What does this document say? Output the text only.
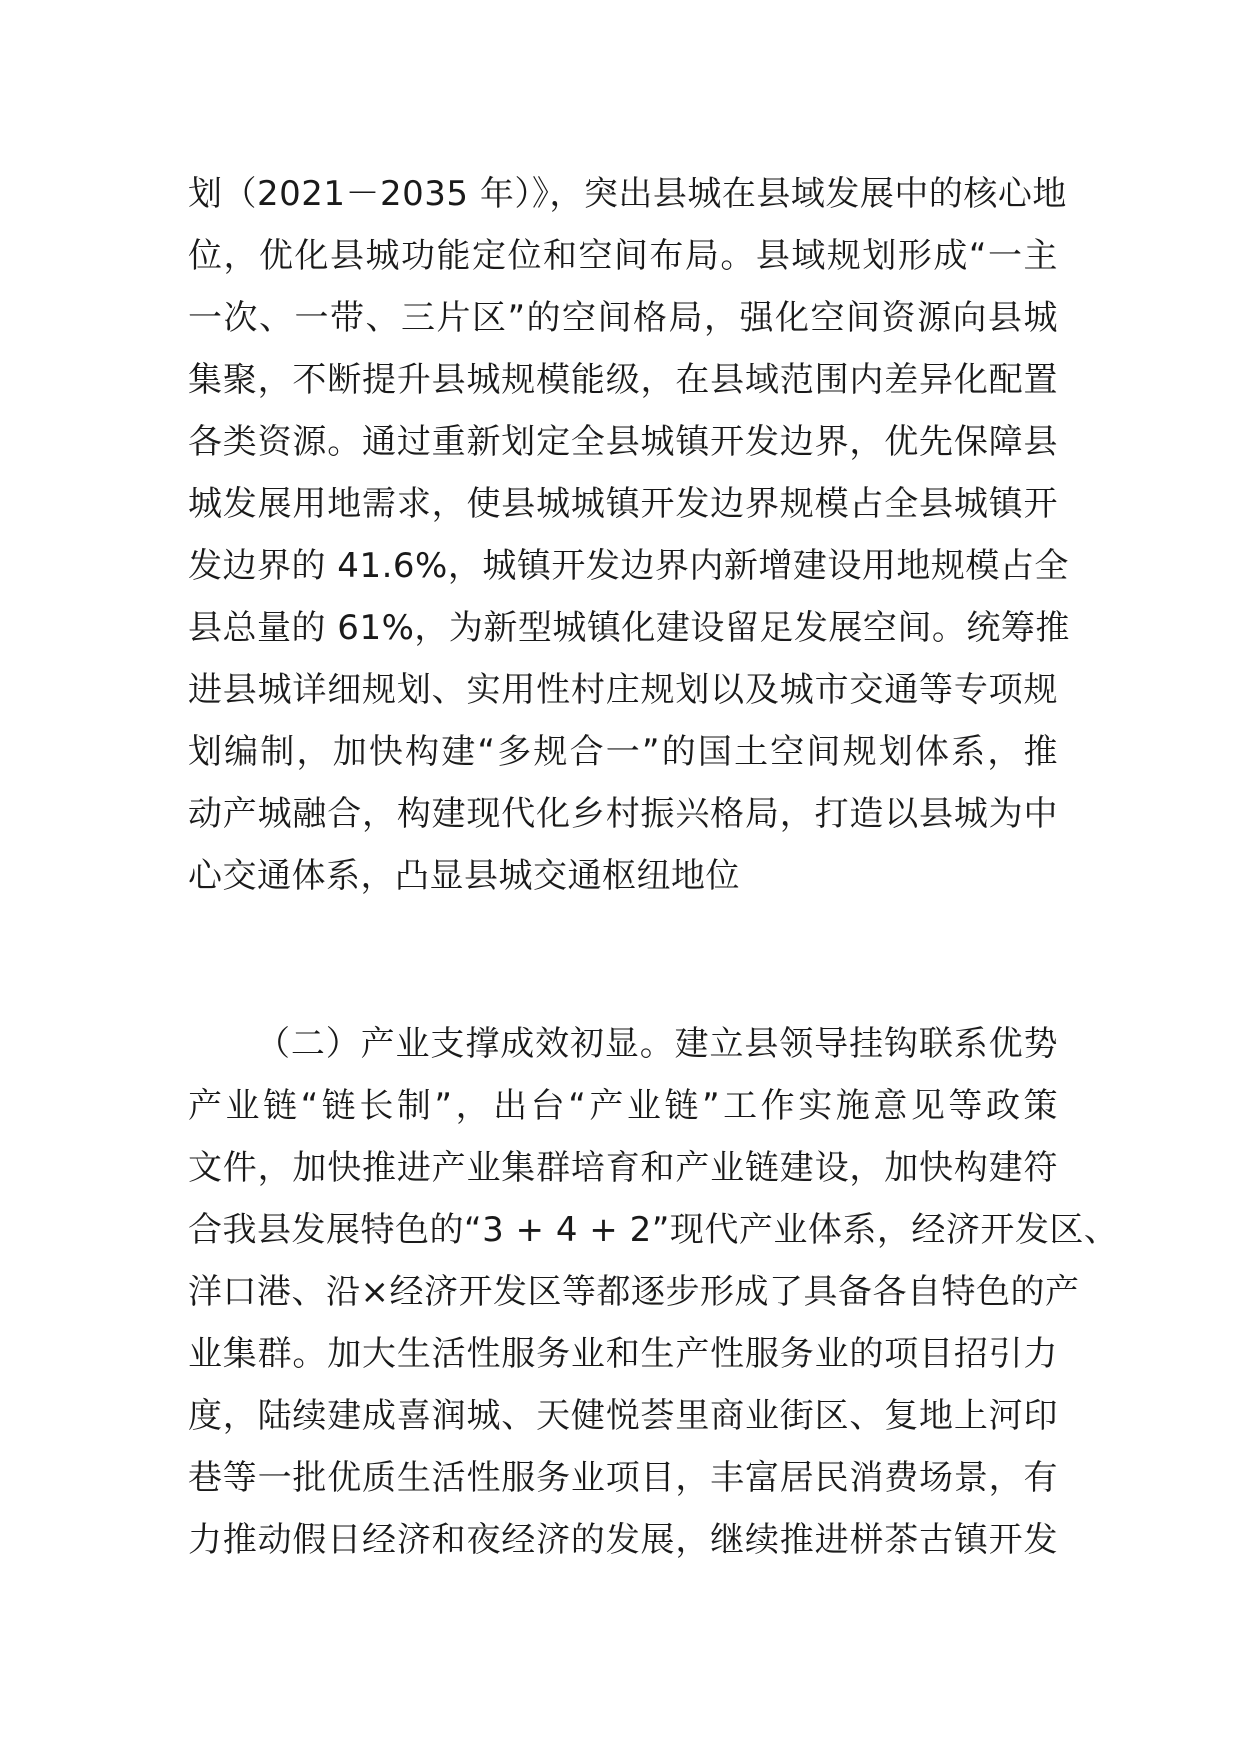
划（2021－2035 年）》，突出县城在县域发展中的核心地
位，优化县城功能定位和空间布局。县域规划形成“一主
一次、一带、三片区”的空间格局，强化空间资源向县城
集聚，不断提升县城规模能级，在县域范围内差异化配置
各类资源。通过重新划定全县城镇开发边界，优先保障县
城发展用地需求，使县城城镇开发边界规模占全县城镇开
发边界的 41.6%，城镇开发边界内新增建设用地规模占全
县总量的 61%，为新型城镇化建设留足发展空间。统筹推
进县城详细规划、实用性村庄规划以及城市交通等专项规
划编制，加快构建“多规合一”的国土空间规划体系，推
动产城融合，构建现代化乡村振兴格局，打造以县城为中
心交通体系，凸显县城交通枢纽地位
（二）产业支撑成效初显。建立县领导挂钩联系优势
产业链“链长制”，出台“产业链”工作实施意见等政策
文件，加快推进产业集群培育和产业链建设，加快构建符
合我县发展特色的“3 + 4 + 2”现代产业体系，经济开发区、
洋口港、沿×经济开发区等都逐步形成了具备各自特色的产
业集群。加大生活性服务业和生产性服务业的项目招引力
度，陆续建成喜润城、天健悦荟里商业街区、复地上河印
巷等一批优质生活性服务业项目，丰富居民消费场景，有
力推动假日经济和夜经济的发展，继续推进栟茶古镇开发
